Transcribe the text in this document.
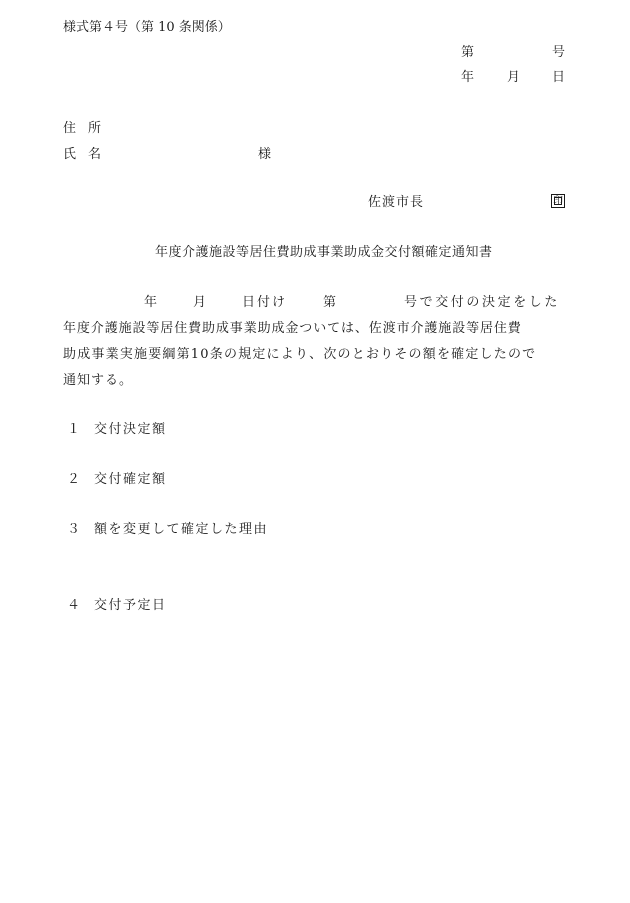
様式第４号（第 10 条関係）
第	号
年	月 日
住所
氏名	様
佐渡市長	印
年度介護施設等居住費助成事業助成金交付額確定通知書
年	月	日付け	第	号で交付の決定をした
年度介護施設等居住費助成事業助成金ついては、佐渡市介護施設等居住費
助成事業実施要綱第10条の規定により、次のとおりその額を確定したので
通知する。
１ 交付決定額
２ 交付確定額
３ 額を変更して確定した理由
４ 交付予定日
